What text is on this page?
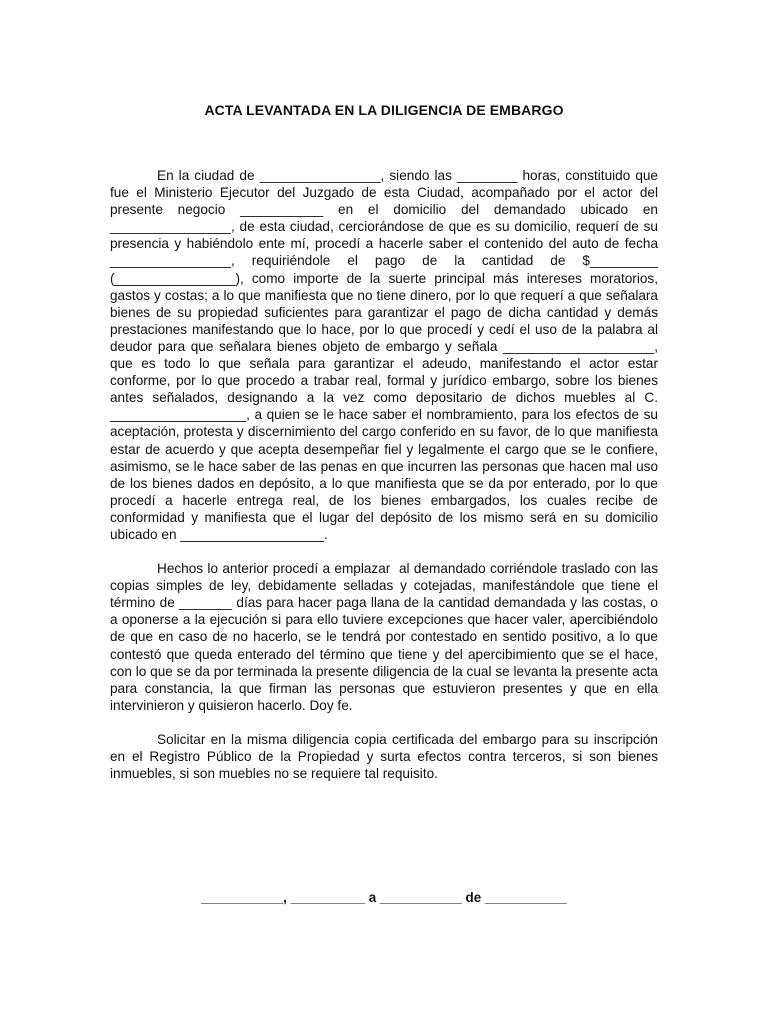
ACTA LEVANTADA EN LA DILIGENCIA DE EMBARGO

En la ciudad de ________________, siendo las ________ horas, constituido que fue el Ministerio Ejecutor del Juzgado de esta Ciudad, acompañado por el actor del presente negocio ___________ en el domicilio del demandado ubicado en ________________, de esta ciudad, cerciorándose de que es su domicilio, requerí de su presencia y habiéndolo ente mí, procedí a hacerle saber el contenido del auto de fecha ________________, requiriéndole el pago de la cantidad de $_________ (________________), como importe de la suerte principal más intereses moratorios, gastos y costas; a lo que manifiesta que no tiene dinero, por lo que requerí a que señalara bienes de su propiedad suficientes para garantizar el pago de dicha cantidad y demás prestaciones manifestando que lo hace, por lo que procedí y cedí el uso de la palabra al deudor para que señalara bienes objeto de embargo y señala ____________________, que es todo lo que señala para garantizar el adeudo, manifestando el actor estar conforme, por lo que procedo a trabar real, formal y jurídico embargo, sobre los bienes antes señalados, designando a la vez como depositario de dichos muebles al C. __________________, a quien se le hace saber el nombramiento, para los efectos de su aceptación, protesta y discernimiento del cargo conferido en su favor, de lo que manifiesta estar de acuerdo y que acepta desempeñar fiel y legalmente el cargo que se le confiere, asimismo, se le hace saber de las penas en que incurren las personas que hacen mal uso de los bienes dados en depósito, a lo que manifiesta que se da por enterado, por lo que procedí a hacerle entrega real, de los bienes embargados, los cuales recibe de conformidad y manifiesta que el lugar del depósito de los mismo será en su domicilio ubicado en ___________________.

Hechos lo anterior procedí a emplazar  al demandado corriéndole traslado con las copias simples de ley, debidamente selladas y cotejadas, manifestándole que tiene el término de _______ días para hacer paga llana de la cantidad demandada y las costas, o a oponerse a la ejecución si para ello tuviere excepciones que hacer valer, apercibiéndolo de que en caso de no hacerlo, se le tendrá por contestado en sentido positivo, a lo que contestó que queda enterado del término que tiene y del apercibimiento que se el hace, con lo que se da por terminada la presente diligencia de la cual se levanta la presente acta para constancia, la que firman las personas que estuvieron presentes y que en ella intervinieron y quisieron hacerlo. Doy fe.

Solicitar en la misma diligencia copia certificada del embargo para su inscripción en el Registro Público de la Propiedad y surta efectos contra terceros, si son bienes inmuebles, si son muebles no se requiere tal requisito.

___________, __________ a ___________ de ___________
